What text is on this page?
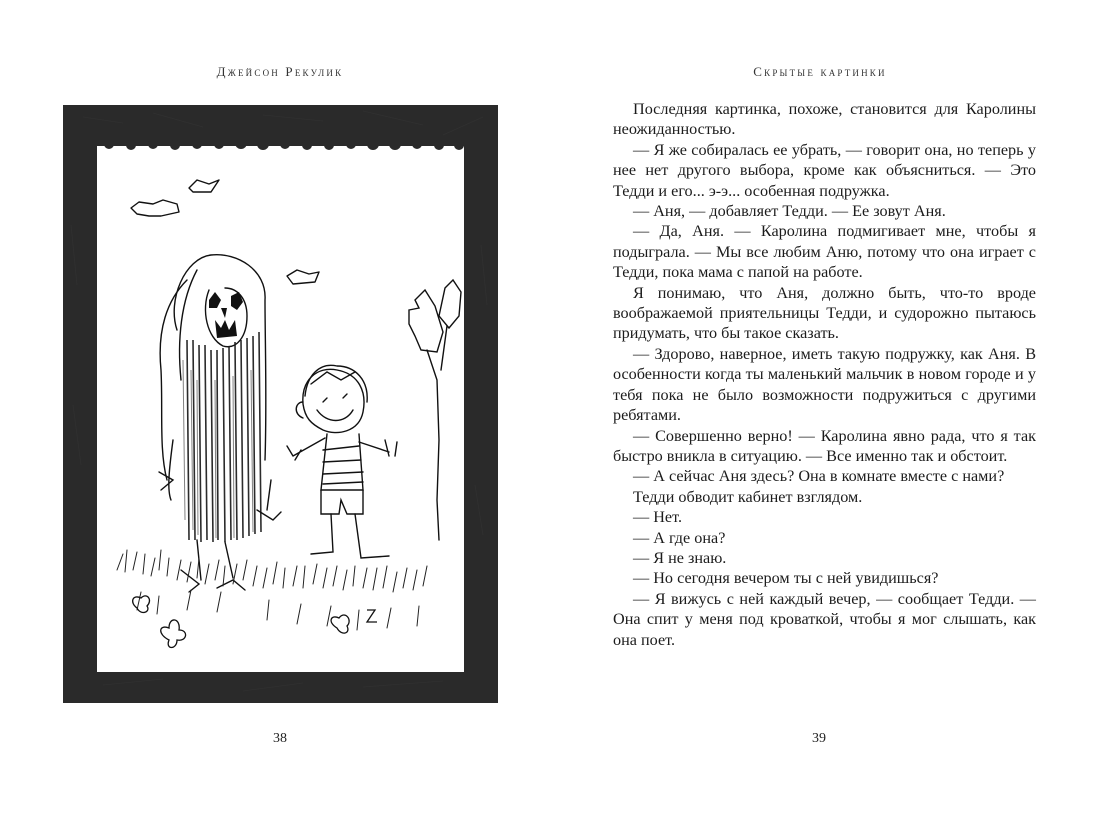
Джейсон Рекулик
38
Скрытые картинки

Последняя картинка, похоже, становится для Каролины неожиданностью.

— Я же собиралась ее убрать, — говорит она, но теперь у нее нет другого выбора, кроме как объясниться. — Это Тедди и его... э-э... особенная подружка.

— Аня, — добавляет Тедди. — Ее зовут Аня.

— Да, Аня. — Каролина подмигивает мне, чтобы я подыграла. — Мы все любим Аню, потому что она играет с Тедди, пока мама с папой на работе.

Я понимаю, что Аня, должно быть, что-то вроде воображаемой приятельницы Тедди, и судорожно пытаюсь придумать, что бы такое сказать.

— Здорово, наверное, иметь такую подружку, как Аня. В особенности когда ты маленький мальчик в новом городе и у тебя пока не было возможности подружиться с другими ребятами.

— Совершенно верно! — Каролина явно рада, что я так быстро вникла в ситуацию. — Все именно так и обстоит.

— А сейчас Аня здесь? Она в комнате вместе с нами?

Тедди обводит кабинет взглядом.

— Нет.

— А где она?

— Я не знаю.

— Но сегодня вечером ты с ней увидишься?

— Я вижусь с ней каждый вечер, — сообщает Тедди. — Она спит у меня под кроваткой, чтобы я мог слышать, как она поет.

39
